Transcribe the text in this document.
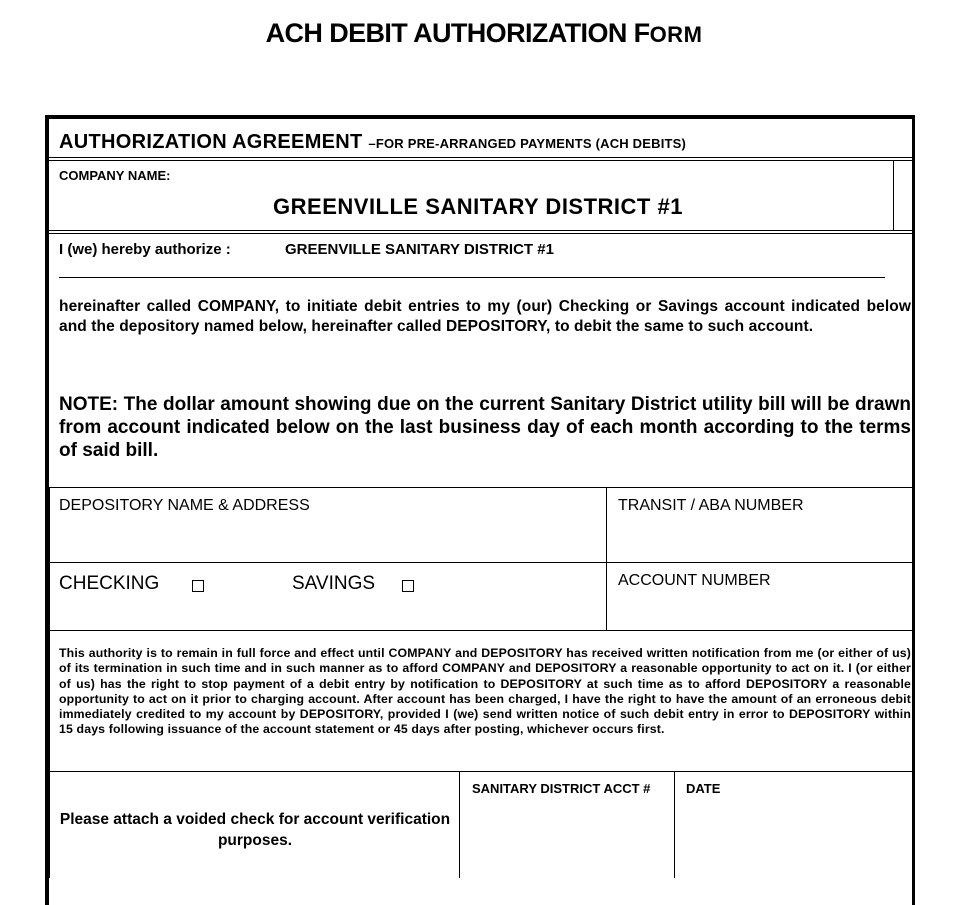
ACH DEBIT AUTHORIZATION FORM
AUTHORIZATION AGREEMENT –FOR PRE-ARRANGED PAYMENTS (ACH DEBITS)
COMPANY NAME:
GREENVILLE SANITARY DISTRICT #1
I (we) hereby authorize :	GREENVILLE SANITARY DISTRICT #1
hereinafter called COMPANY, to initiate debit entries to my (our) Checking or Savings account indicated below and the depository named below, hereinafter called DEPOSITORY, to debit the same to such account.
NOTE: The dollar amount showing due on the current Sanitary District utility bill will be drawn from account indicated below on the last business day of each month according to the terms of said bill.
DEPOSITORY NAME & ADDRESS	TRANSIT / ABA NUMBER
CHECKING	SAVINGS	ACCOUNT NUMBER
This authority is to remain in full force and effect until COMPANY and DEPOSITORY has received written notification from me (or either of us) of its termination in such time and in such manner as to afford COMPANY and DEPOSITORY a reasonable opportunity to act on it. I (or either of us) has the right to stop payment of a debit entry by notification to DEPOSITORY at such time as to afford DEPOSITORY a reasonable opportunity to act on it prior to charging account. After account has been charged, I have the right to have the amount of an erroneous debit immediately credited to my account by DEPOSITORY, provided I (we) send written notice of such debit entry in error to DEPOSITORY within 15 days following issuance of the account statement or 45 days after posting, whichever occurs first.
Please attach a voided check for account verification purposes.
SANITARY DISTRICT ACCT #	DATE
